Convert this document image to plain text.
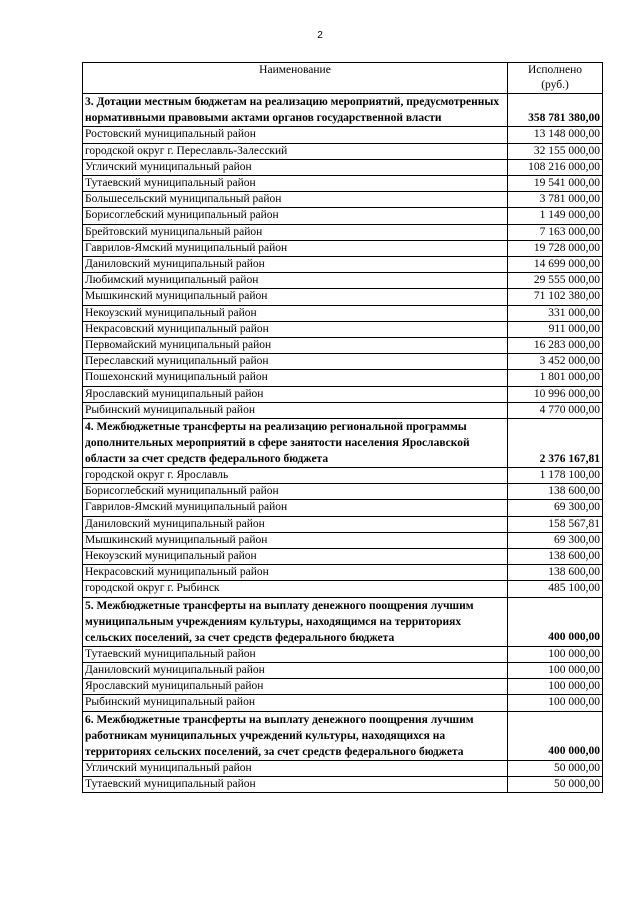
2
Наименование	Исполнено
(руб.)
3. Дотации местным бюджетам на реализацию мероприятий, предусмотренных нормативными правовыми актами органов государственной власти	358 781 380,00
Ростовский муниципальный район	13 148 000,00
городской округ г. Переславль-Залесский	32 155 000,00
Угличский муниципальный район	108 216 000,00
Тутаевский муниципальный район	19 541 000,00
Большесельский муниципальный район	3 781 000,00
Борисоглебский муниципальный район	1 149 000,00
Брейтовский муниципальный район	7 163 000,00
Гаврилов-Ямский муниципальный район	19 728 000,00
Даниловский муниципальный район	14 699 000,00
Любимский муниципальный район	29 555 000,00
Мышкинский муниципальный район	71 102 380,00
Некоузский муниципальный район	331 000,00
Некрасовский муниципальный район	911 000,00
Первомайский муниципальный район	16 283 000,00
Переславский муниципальный район	3 452 000,00
Пошехонский муниципальный район	1 801 000,00
Ярославский муниципальный район	10 996 000,00
Рыбинский муниципальный район	4 770 000,00
4. Межбюджетные трансферты на реализацию региональной программы дополнительных мероприятий в сфере занятости населения Ярославской области за счет средств федерального бюджета	2 376 167,81
городской округ г. Ярославль	1 178 100,00
Борисоглебский муниципальный район	138 600,00
Гаврилов-Ямский муниципальный район	69 300,00
Даниловский муниципальный район	158 567,81
Мышкинский муниципальный район	69 300,00
Некоузский муниципальный район	138 600,00
Некрасовский муниципальный район	138 600,00
городской округ г. Рыбинск	485 100,00
5. Межбюджетные трансферты на выплату денежного поощрения лучшим муниципальным учреждениям культуры, находящимся на территориях сельских поселений, за счет средств федерального бюджета	400 000,00
Тутаевский муниципальный район	100 000,00
Даниловский муниципальный район	100 000,00
Ярославский муниципальный район	100 000,00
Рыбинский муниципальный район	100 000,00
6. Межбюджетные трансферты на выплату денежного поощрения лучшим работникам муниципальных учреждений культуры, находящихся на территориях сельских поселений, за счет средств федерального бюджета	400 000,00
Угличский муниципальный район	50 000,00
Тутаевский муниципальный район	50 000,00
